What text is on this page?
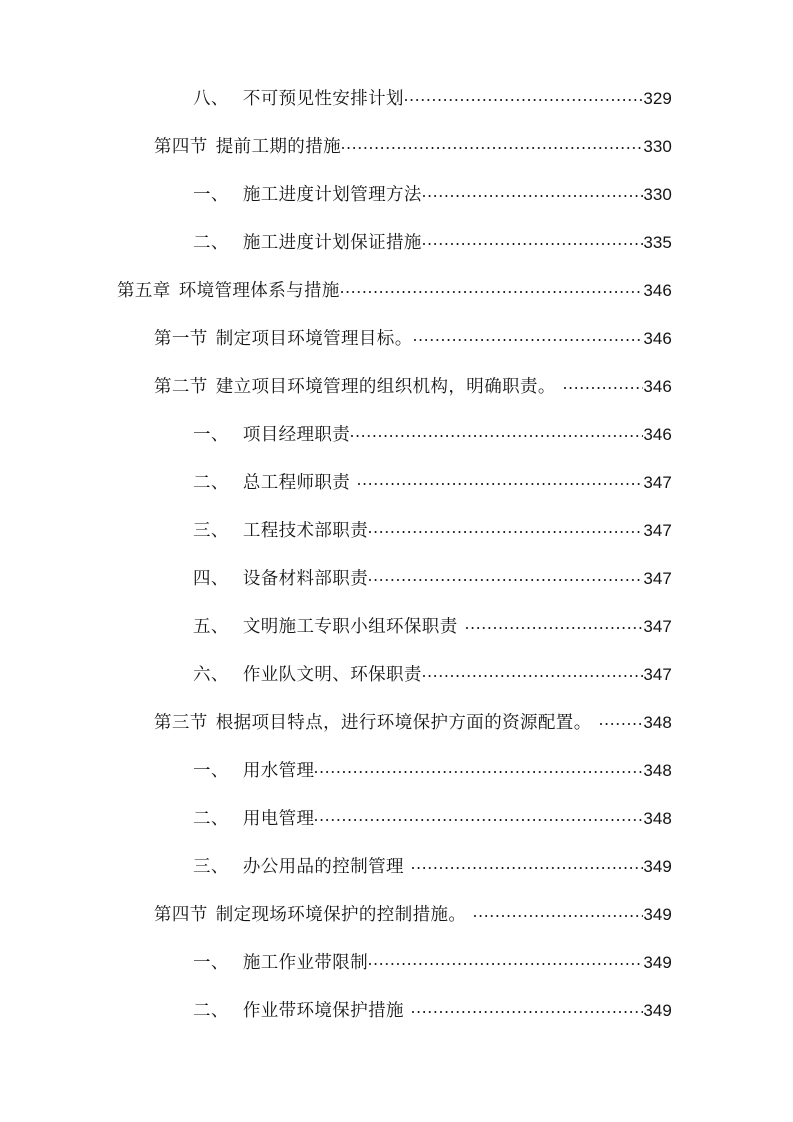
八、 不可预见性安排计划	329
第四节 提前工期的措施	330
一、 施工进度计划管理方法	330
二、 施工进度计划保证措施	335
第五章 环境管理体系与措施	346
第一节 制定项目环境管理目标。	346
第二节 建立项目环境管理的组织机构，明确职责。	346
一、 项目经理职责	346
二、 总工程师职责	347
三、 工程技术部职责	347
四、 设备材料部职责	347
五、 文明施工专职小组环保职责	347
六、 作业队文明、环保职责	347
第三节 根据项目特点，进行环境保护方面的资源配置。	348
一、 用水管理	348
二、 用电管理	348
三、 办公用品的控制管理	349
第四节 制定现场环境保护的控制措施。	349
一、 施工作业带限制	349
二、 作业带环境保护措施	349
